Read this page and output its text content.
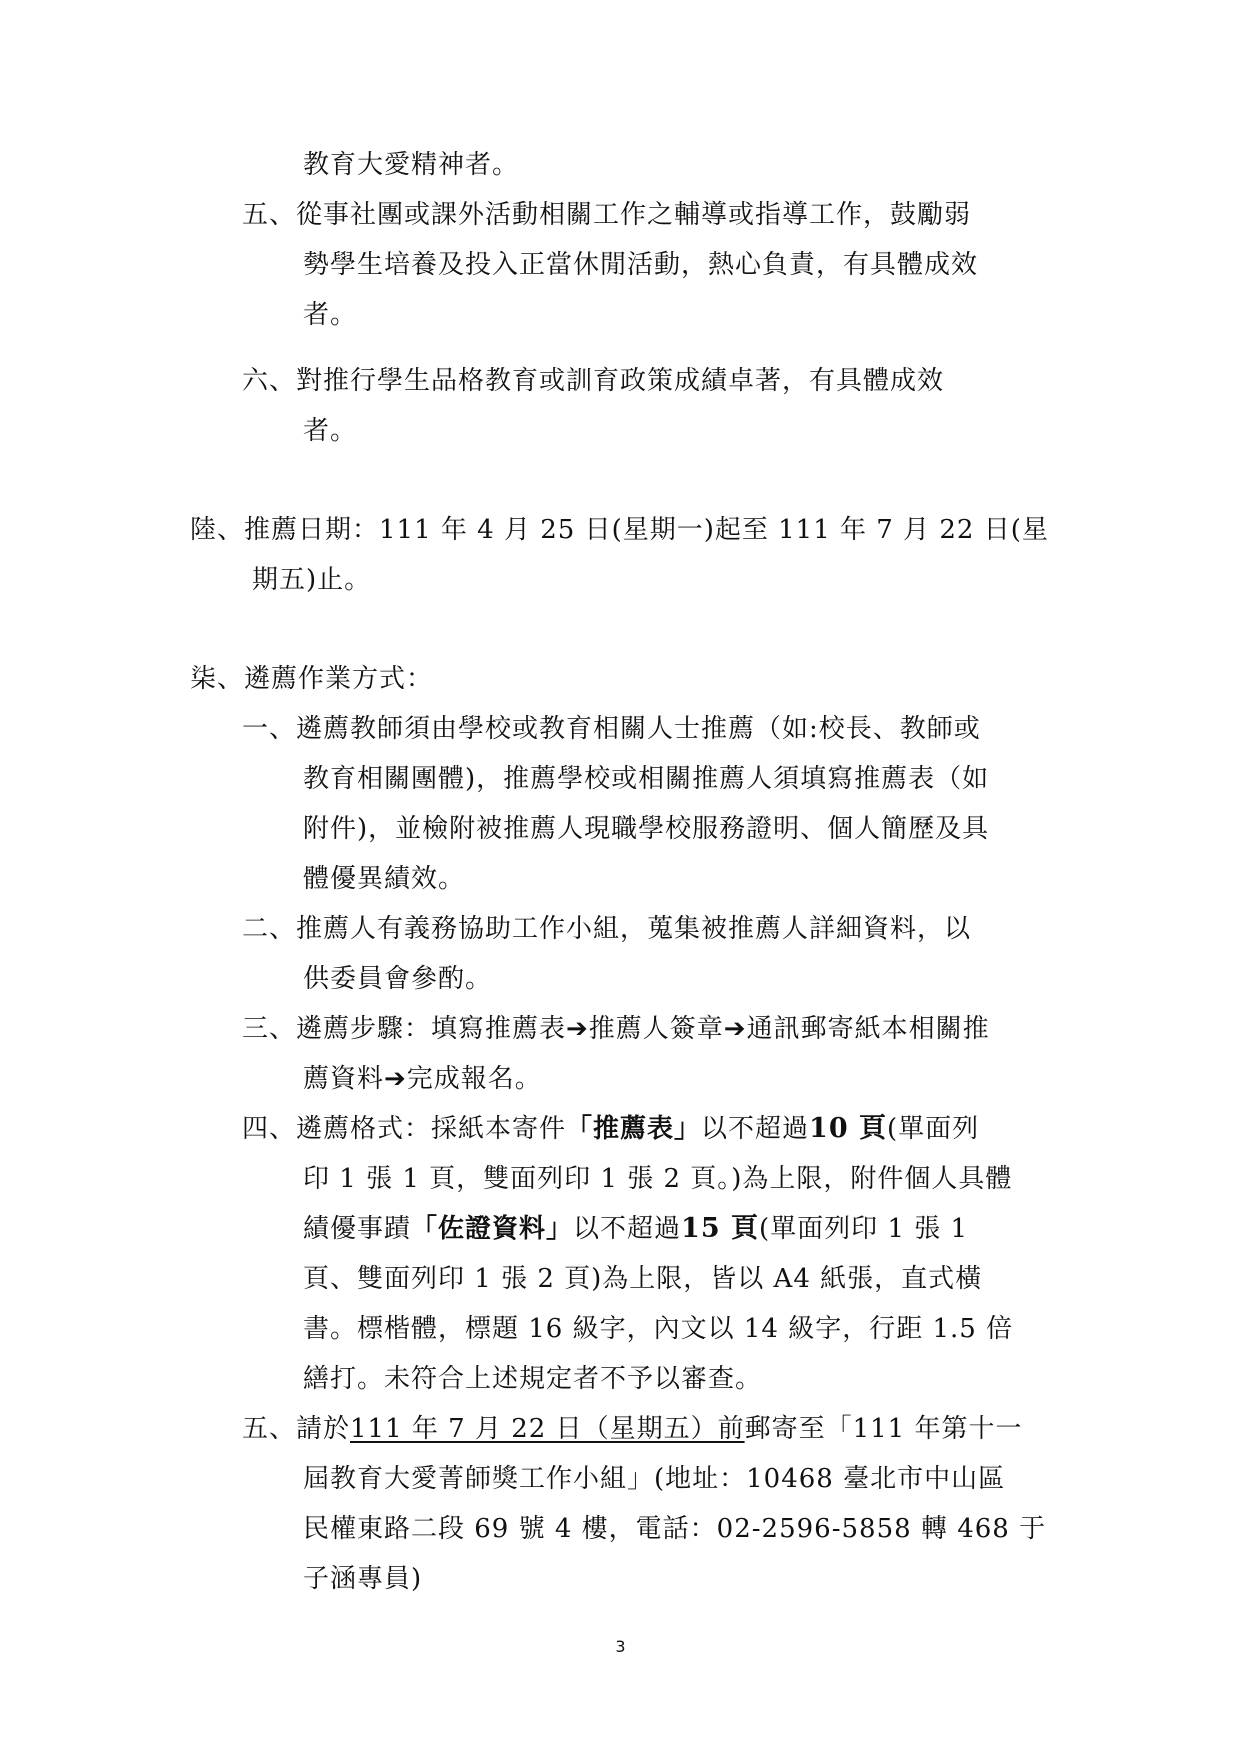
教育大愛精神者。
五、從事社團或課外活動相關工作之輔導或指導工作，鼓勵弱
勢學生培養及投入正當休閒活動，熱心負責，有具體成效
者。
六、對推行學生品格教育或訓育政策成績卓著，有具體成效
者。
陸、推薦日期：111 年 4 月 25 日(星期一)起至 111 年 7 月 22 日(星
期五)止。
柒、遴薦作業方式：
一、遴薦教師須由學校或教育相關人士推薦（如:校長、教師或
教育相關團體)，推薦學校或相關推薦人須填寫推薦表（如
附件)，並檢附被推薦人現職學校服務證明、個人簡歷及具
體優異績效。
二、推薦人有義務協助工作小組，蒐集被推薦人詳細資料，以
供委員會參酌。
三、遴薦步驟：填寫推薦表➔推薦人簽章➔通訊郵寄紙本相關推
薦資料➔完成報名。
四、遴薦格式：採紙本寄件「推薦表」以不超過10 頁(單面列
印 1 張 1 頁，雙面列印 1 張 2 頁。)為上限，附件個人具體
績優事蹟「佐證資料」以不超過15 頁(單面列印 1 張 1
頁、雙面列印 1 張 2 頁)為上限，皆以 A4 紙張，直式橫
書。標楷體，標題 16 級字，內文以 14 級字，行距 1.5 倍
繕打。未符合上述規定者不予以審查。
五、請於111 年 7 月 22 日（星期五）前郵寄至「111 年第十一
屆教育大愛菁師獎工作小組」(地址：10468 臺北市中山區
民權東路二段 69 號 4 樓，電話：02-2596-5858 轉 468 于
子涵專員)
3
